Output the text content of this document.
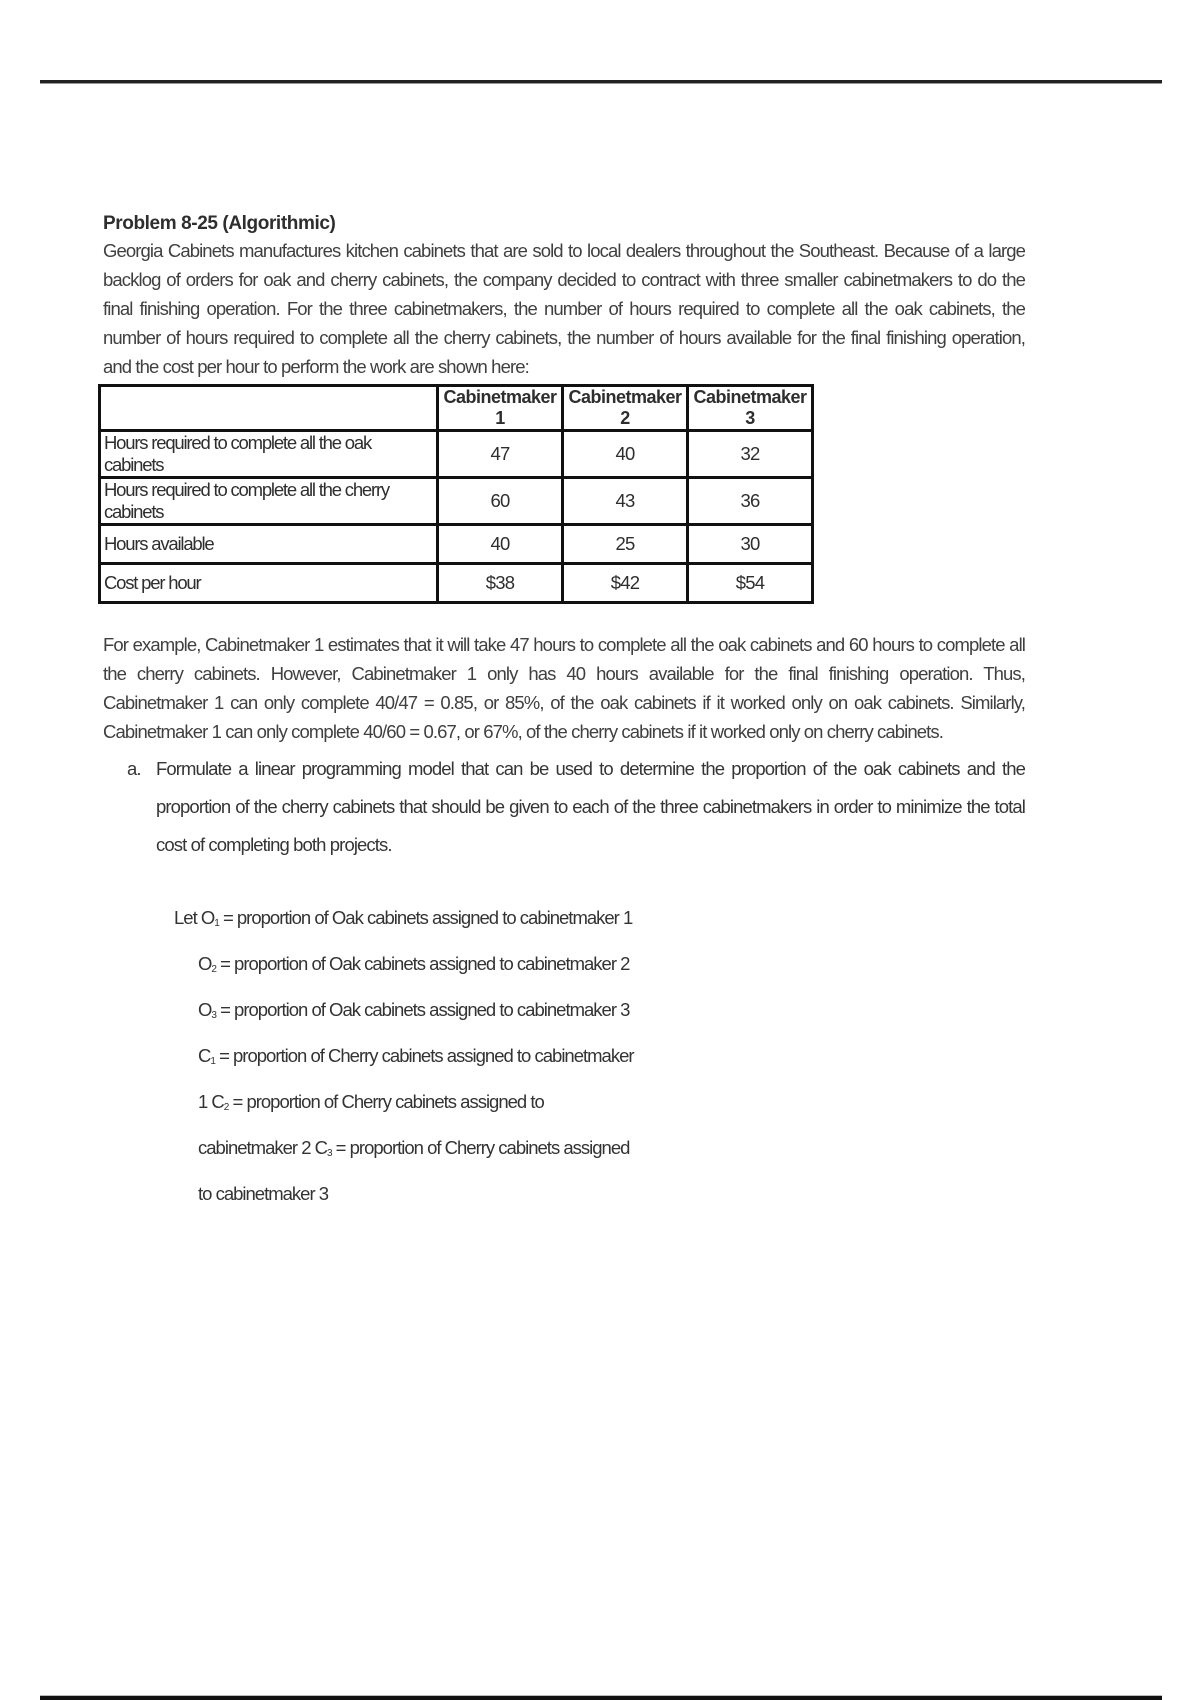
Problem 8-25 (Algorithmic)

Georgia Cabinets manufactures kitchen cabinets that are sold to local dealers throughout the Southeast. Because of a large backlog of orders for oak and cherry cabinets, the company decided to contract with three smaller cabinetmakers to do the final finishing operation. For the three cabinetmakers, the number of hours required to complete all the oak cabinets, the number of hours required to complete all the cherry cabinets, the number of hours available for the final finishing operation, and the cost per hour to perform the work are shown here:

	Cabinetmaker 1	Cabinetmaker 2	Cabinetmaker 3
Hours required to complete all the oak cabinets	47	40	32
Hours required to complete all the cherry cabinets	60	43	36
Hours available	40	25	30
Cost per hour	$38	$42	$54

For example, Cabinetmaker 1 estimates that it will take 47 hours to complete all the oak cabinets and 60 hours to complete all the cherry cabinets. However, Cabinetmaker 1 only has 40 hours available for the final finishing operation. Thus, Cabinetmaker 1 can only complete 40/47 = 0.85, or 85%, of the oak cabinets if it worked only on oak cabinets. Similarly, Cabinetmaker 1 can only complete 40/60 = 0.67, or 67%, of the cherry cabinets if it worked only on cherry cabinets.

a. Formulate a linear programming model that can be used to determine the proportion of the oak cabinets and the proportion of the cherry cabinets that should be given to each of the three cabinetmakers in order to minimize the total cost of completing both projects.
Let $O_1$ = proportion of Oak cabinets assigned to cabinetmaker 1
$O_2$ = proportion of Oak cabinets assigned to cabinetmaker 2
$O_3$ = proportion of Oak cabinets assigned to cabinetmaker 3
$C_1$ = proportion of Cherry cabinets assigned to cabinetmaker
1 $C_2$ = proportion of Cherry cabinets assigned to
cabinetmaker 2 $C_3$ = proportion of Cherry cabinets assigned
to cabinetmaker 3
